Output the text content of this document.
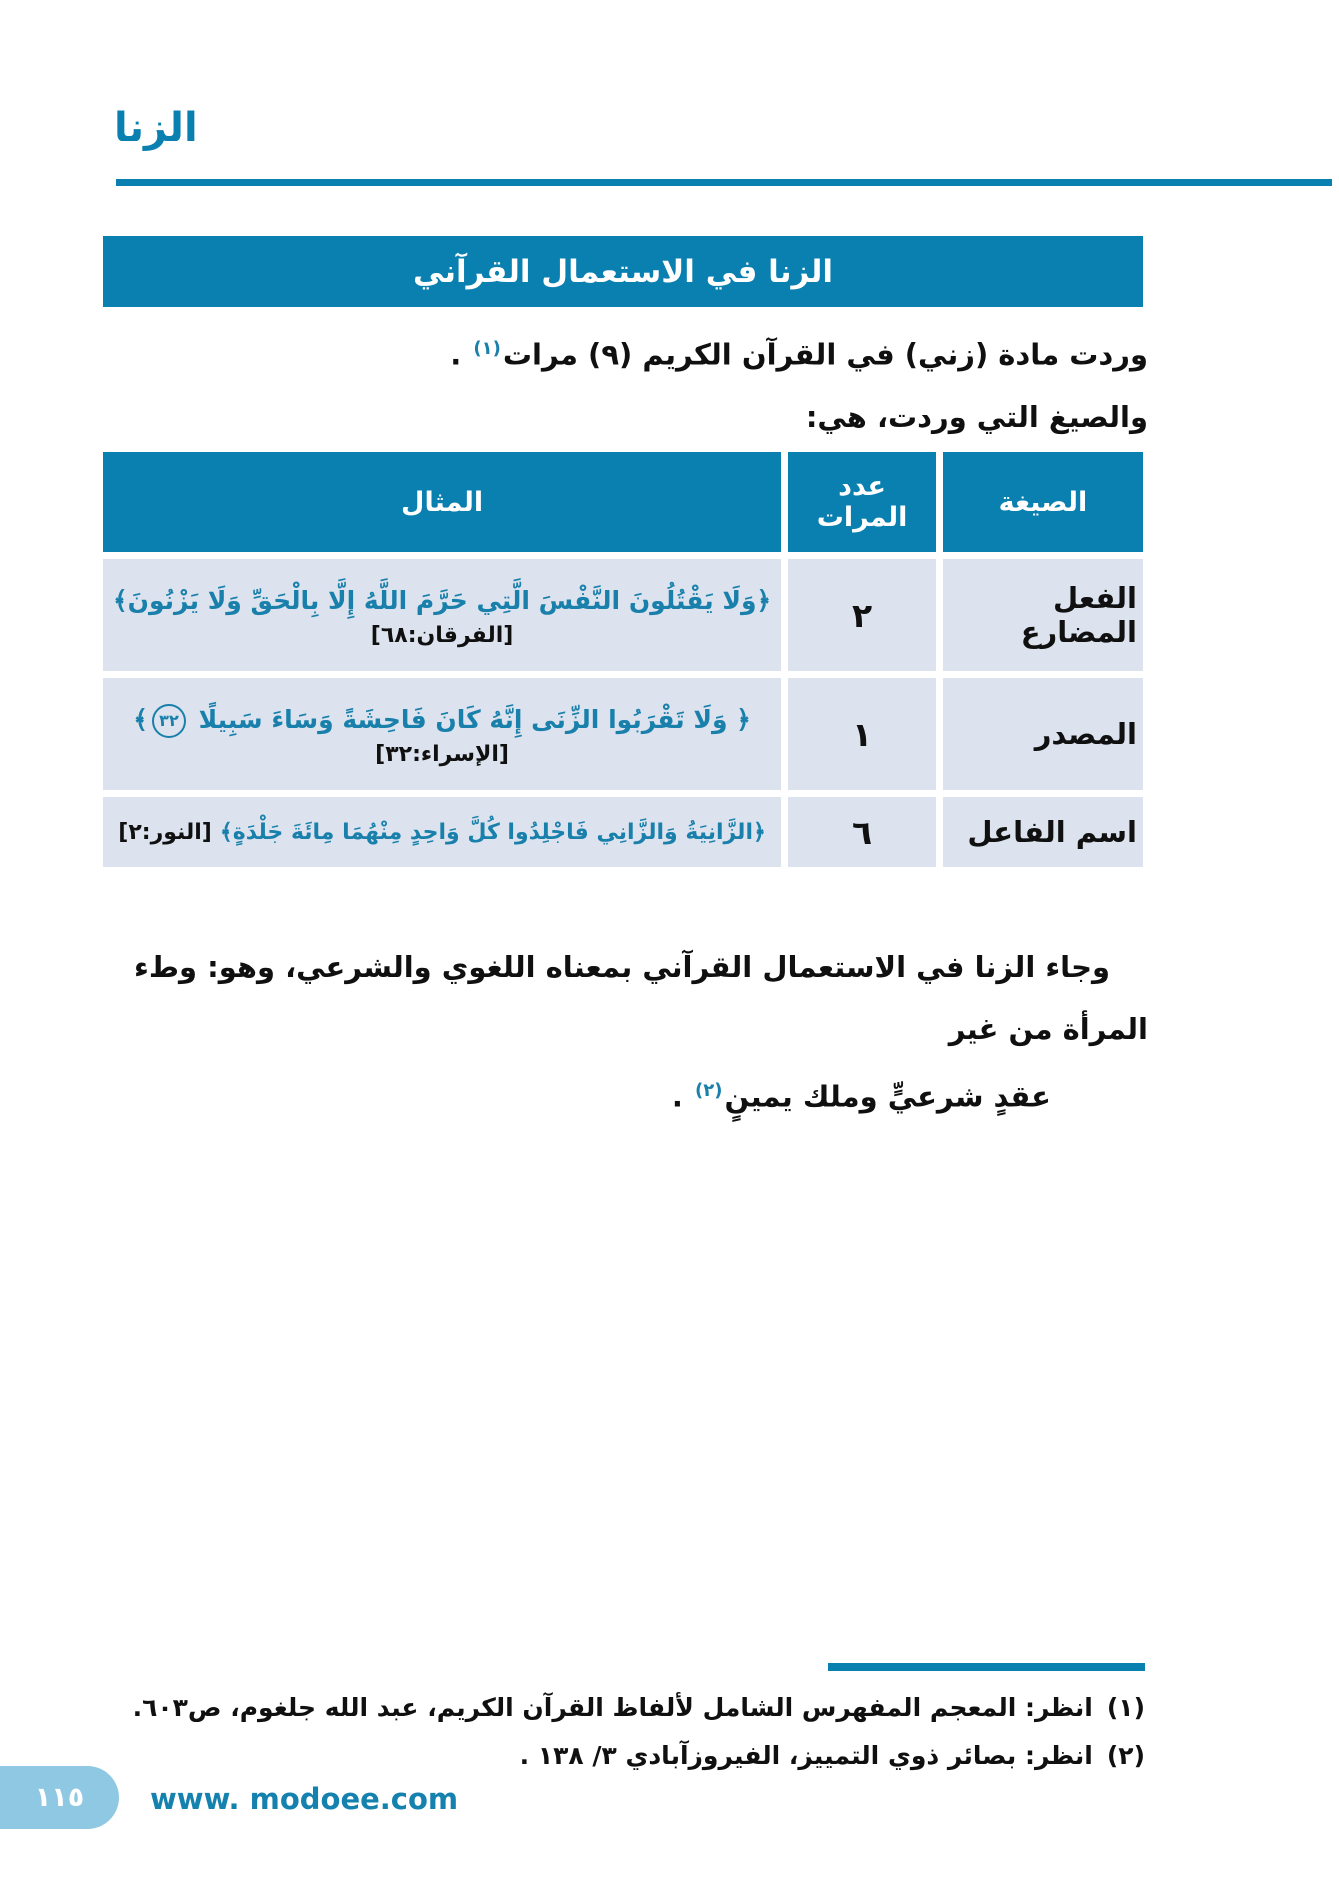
الزنا
الزنا في الاستعمال القرآني
وردت مادة (زني) في القرآن الكريم (٩) مرات$^{(١)}$ .
والصيغ التي وردت، هي:
الصيغة	عدد المرات	المثال
الفعل المضارع	٢	﴿وَلَا يَقْتُلُونَ النَّفْسَ الَّتِي حَرَّمَ اللَّهُ إِلَّا بِالْحَقِّ وَلَا يَزْنُونَ﴾
[الفرقان:٦٨]

المصدر	١	﴿ وَلَا تَقْرَبُوا الزِّنَى إِنَّهُ كَانَ فَاحِشَةً وَسَاءَ سَبِيلًا ٣٢﴾
[الإسراء:٣٢]

اسم الفاعل	٦	﴿الزَّانِيَةُ وَالزَّانِي فَاجْلِدُوا كُلَّ وَاحِدٍ مِنْهُمَا مِائَةَ جَلْدَةٍ﴾[النور:٢]
وجاء الزنا في الاستعمال القرآني بمعناه اللغوي والشرعي، وهو: وطء المرأة من غير
عقدٍ شرعيٍّ وملك يمينٍ$^{(٢)}$ .
(١)
انظر: المعجم المفهرس الشامل لألفاظ القرآن الكريم، عبد الله جلغوم، ص٦٠٣.
(٢)
انظر: بصائر ذوي التمييز، الفيروزآبادي ٣/ ١٣٨ .
١١٥ www. modoee.com
